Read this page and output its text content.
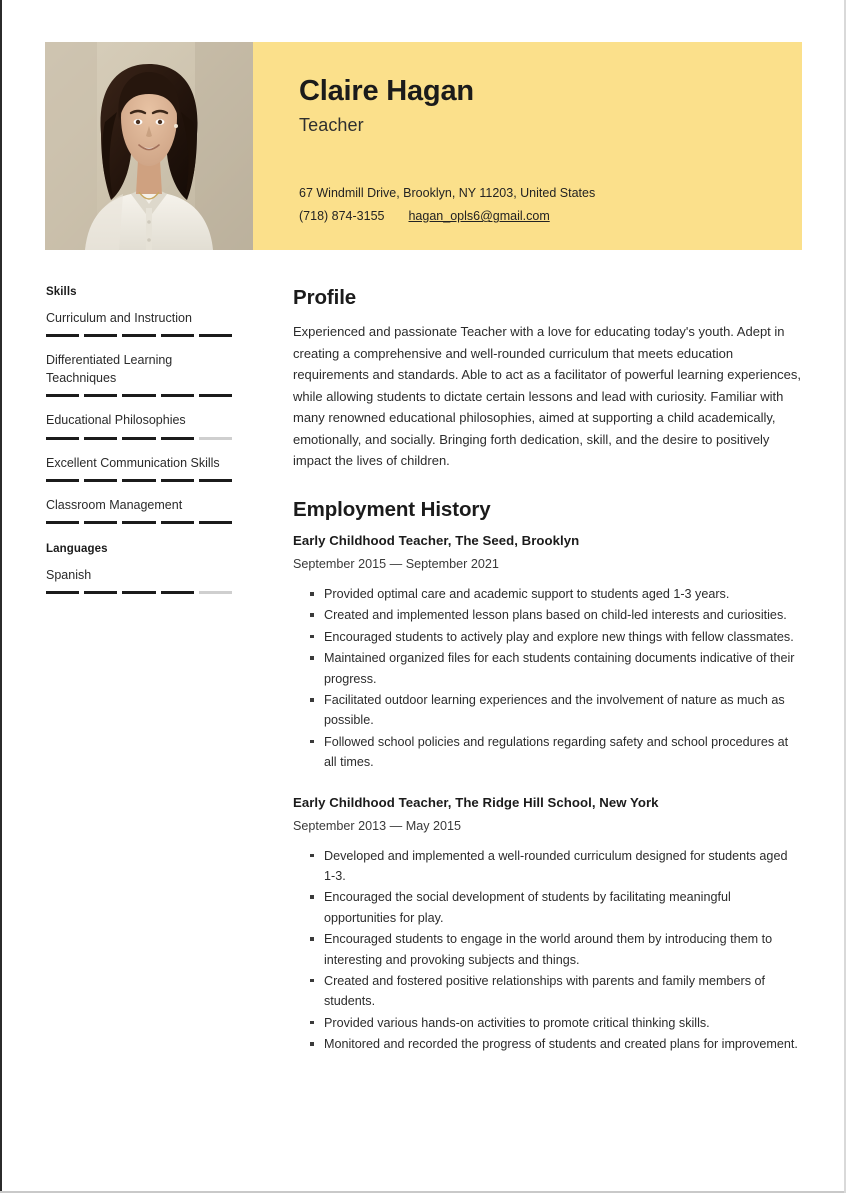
Claire Hagan
Teacher
67 Windmill Drive, Brooklyn, NY 11203, United States
(718) 874-3155 hagan_opls6@gmail.com
Skills
Curriculum and Instruction
Differentiated Learning Teachniques
Educational Philosophies
Excellent Communication Skills
Classroom Management
Languages
Spanish
Profile

Experienced and passionate Teacher with a love for educating today's youth. Adept in creating a comprehensive and well-rounded curriculum that meets education requirements and standards. Able to act as a facilitator of powerful learning experiences, while allowing students to dictate certain lessons and lead with curiosity. Familiar with many renowned educational philosophies, aimed at supporting a child academically, emotionally, and socially. Bringing forth dedication, skill, and the desire to positively impact the lives of children.

Employment History
Early Childhood Teacher, The Seed, Brooklyn
September 2015 — September 2021
Provided optimal care and academic support to students aged 1-3 years.
Created and implemented lesson plans based on child-led interests and curiosities.
Encouraged students to actively play and explore new things with fellow classmates.
Maintained organized files for each students containing documents indicative of their progress.
Facilitated outdoor learning experiences and the involvement of nature as much as possible.
Followed school policies and regulations regarding safety and school procedures at all times.
Early Childhood Teacher, The Ridge Hill School, New York
September 2013 — May 2015
Developed and implemented a well-rounded curriculum designed for students aged 1-3.
Encouraged the social development of students by facilitating meaningful opportunities for play.
Encouraged students to engage in the world around them by introducing them to interesting and provoking subjects and things.
Created and fostered positive relationships with parents and family members of students.
Provided various hands-on activities to promote critical thinking skills.
Monitored and recorded the progress of students and created plans for improvement.
